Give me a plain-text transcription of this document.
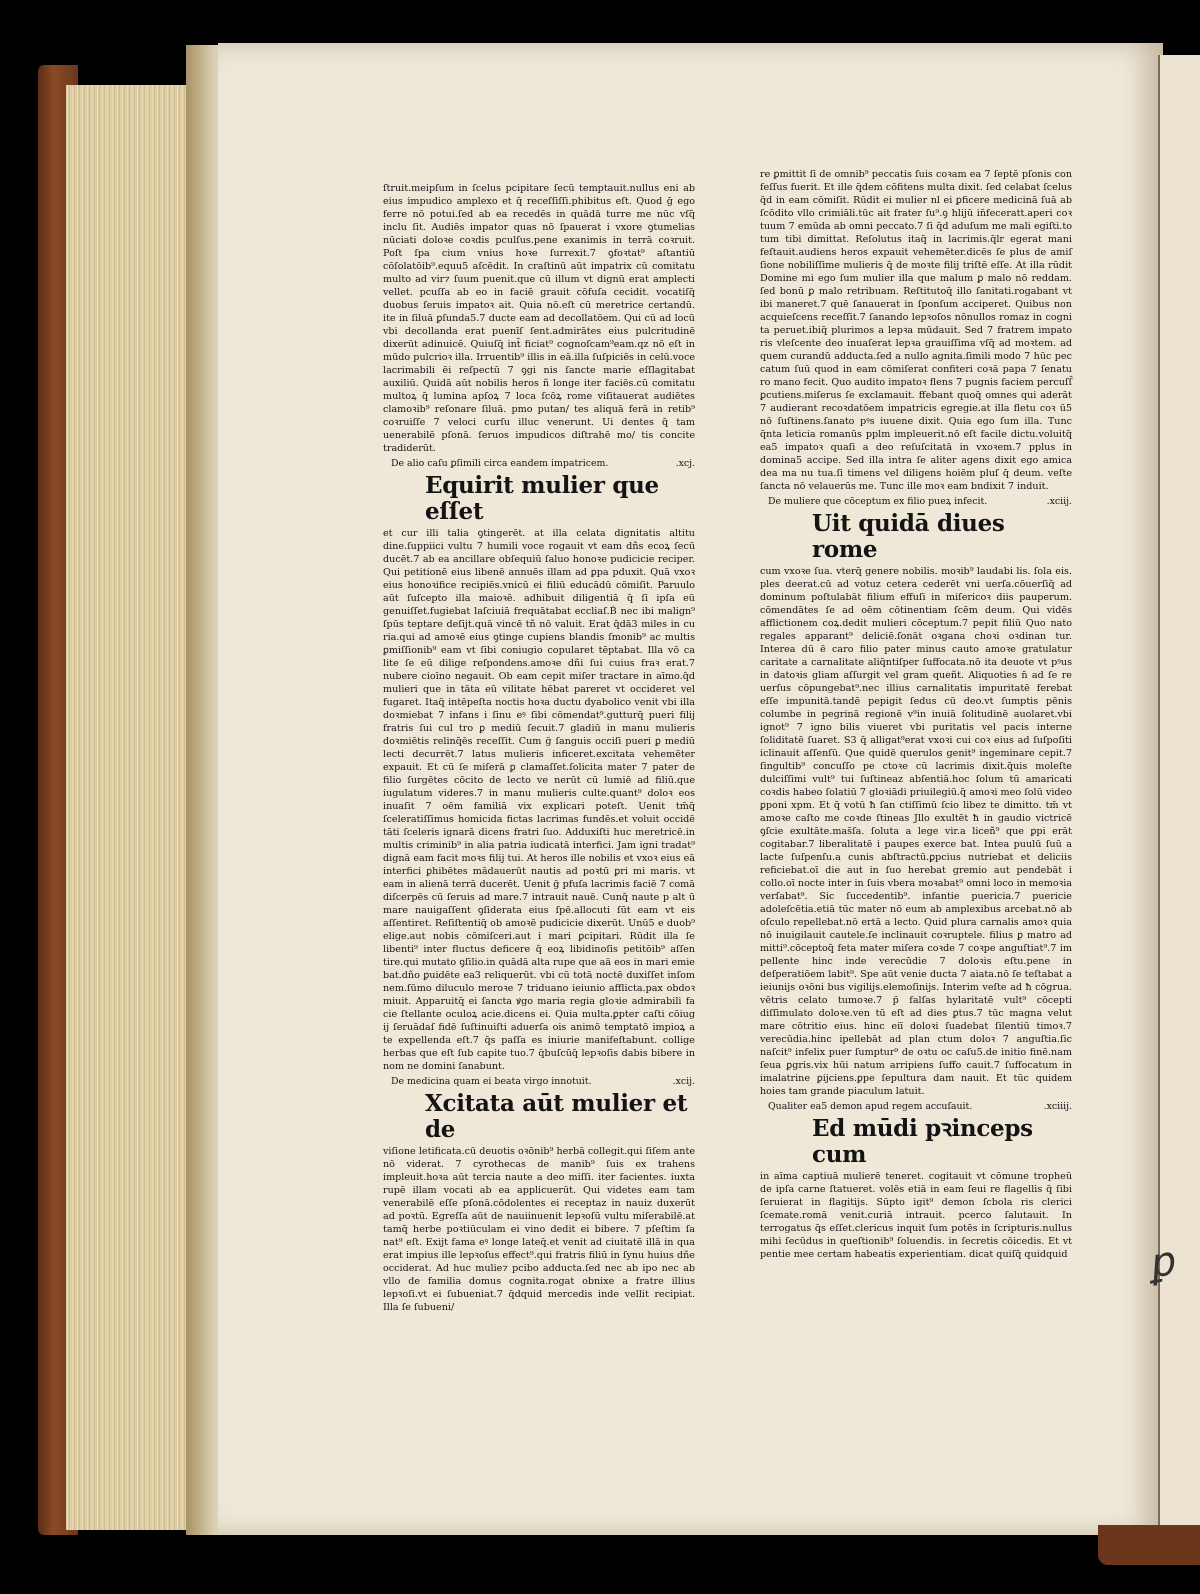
ſtruit.meipſum in ſcelus pcipitare ſecū temptauit.nullus eni ab eius impudico amplexo et q̄ receſſiſſi.phibitus eſt. Quod ḡ ego ferre nō potui.ſed ab ea recedēs in quādā turre me nūc vſq̄ inclu ſit. Audiēs impator quas nō ſpauerat i vxore ꝯtumelias nūciati doloꝛe coꝛdis pculſus.pene exanimis in terrā coꝛruit. Poſt ſpa cium vnius hoꝛe ſurrexit.7 ꝯfoꝛtat⁹ aſtantiū cōſolatōib⁹.equu5 aſcēdit. In craſtinū aūt impatrix cū comitatu multo ad vir⁊ ſuum puenit.que cū illum vt dignū erat amplecti vellet. pcuſſa ab eo in faciē grauit cōfuſa cecidit. vocatiſq̄ duobus ſeruis impatoꝛ ait. Quia nō.eſt cū meretrice certandū. ite in ſiluā ꝑſunda5.7 ducte eam ad decollatōem. Qui cū ad locū vbi decollanda erat puenīſ ſent.admirātes eius pulcritudinē dixerūt adinuicē. Quiuſq̄ int̄ ficiat⁹ cognoſcam⁹eam.qz nō eſt in mūdo pulcrioꝛ illa. Irruentib⁹ illis in eā.illa ſuſpiciēs in celū.voce lacrimabili ēi reſpectū 7 ꝯgi nis ſancte marie eſſlagitabat auxiliū. Quidā aūt nobilis heros ñ longe iter faciēs.cū comitatu multoꝝ q̄ lumina apſoꝝ 7 loca ſcōꝝ rome viſitauerat audiētes clamoꝛib⁹ reſonare ſiluā. pmo putan/ tes aliquā ferā in retib⁹ coꝛruiſſe 7 veloci curſu illuc venerunt. Ui dentes q̄ tam uenerabilē pſonā. ſeruos impudicos diſtrahē mo/ tis concite tradiderūt.

De alio caſu ꝑſimili circa eandem impatricem.	.xcj.
Equirit mulier que eſſet

et cur illi talia ꝯtingerēt. at illa celata dignitatis altitu dine.ſuppiici vultu 7 humili voce rogauit vt eam dñs ecoꝝ ſecū ducēt.7 ab ea ancillare obſequiū ſaluo honoꝛe pudicicie reciper. Qui petitionē eius libenē annuēs illam ad ꝑpa pduxit. Quā vxoꝛ eius honoꝛifice recipiēs.vnicū ei filiū educādū cōmiſit. Paruulo aūt ſuſcepto illa maioꝛē. adhibuit diligentiā q̄ ſi ipſa eū genuiſſet.fugiebat laſciuiā frequātabat eccliaſ.Ḃ nec ibi malign⁹ ſpūs teptare deſijt.quā vincē tñ nō valuit. Erat q̄dā3 miles in cu ria.qui ad amoꝛē eius ꝯtinge cupiens blandis ſmonib⁹ ac multis ꝑmiſſionib⁹ eam vt ſibi coniugio copularet tēptabat. Illa vō ca lite ſe eū dilige reſpondens.amoꝛe dñi ſui cuius fraꝛ erat.7 nubere cioīno negauit. Ob eam cepit miſer tractare in aīmo.q̄d mulieri que in tāta eū vilitate hēbat pareret vt occideret vel fugaret. Itaq̄ intēpeſta noctis hoꝛa ductu dyabolico venit vbi illa doꝛmiebat 7 infans i ſinu eꝰ ſibi cōmendat⁹.gutturq̄ pueri filij fratris ſui cul tro ꝑ mediū ſecuit.7 gladiū in manu mulieris doꝛmiētis relinq̄ēs receſſit. Cum ḡ ſanguis occiſi pueri ꝑ mediū lecti decurrēt.7 latus mulieris inficeret.excitata vehemēter expauit. Et cū ſe miſerā ꝑ clamaſſet.ſolicita mater 7 pater de filio ſurgētes cōcito de lecto ve nerūt cū lumiē ad filiū.que iugulatum videres.7 in manu mulieris culte.quant⁹ doloꝛ eos inuaſit 7 oēm familiā vix explicari poteſt. Uenit tm̄q̄ ſceleratiſſimus homicida fictas lacrimas fundēs.et voluit occidē tāti ſceleris ignarā dicens fratri ſuo. Adduxiſti huc meretricē.in multis criminib⁹ in alia patria iudicatā interfici. Jam igni tradat⁹ dignā eam facit moꝛs filij tui. At heros ille nobilis et vxoꝛ eius eā interfici ꝑhibētes mādauerūt nautis ad poꝛtū ꝑri mi maris. vt eam in alienā terrā ducerēt. Uenit ḡ pfuſa lacrimis faciē 7 comā diſcerpēs cū ſeruis ad mare.7 intrauit nauē. Cunq̄ naute p alt ū mare nauigaſſent ꝯſiderata eius ſpē.allocuti ſūt eam vt eis aſſentiret. Reſiſtentiq̄ ob amoꝛē pudicicie dixerūt. Unū5 e duob⁹ elige.aut nobis cōmiſceri.aut i mari ꝑcipitari. Rūdit illa ſe libenti⁹ inter fluctus deficere q̄ eoꝝ libidinoſis petitōib⁹ aſſen tire.qui mutato ꝯſilio.in quādā alta rupe que aā eos in mari emie bat.dño ꝑuidēte ea3 reliquerūt. vbi cū totā noctē duxiſſet inſom nem.ſūmo diluculo meroꝛe 7 triduano ieiunio afflicta.pax obdoꝛ miuit. Apparuitq̄ ei ſancta ꝟgo maria regia gloꝛie admirabili fa cie ſtellante oculoꝝ acie.dicens ei. Quia multa.ꝑpter caſti cōiug ij ſeruādaſ fidē ſuſtinuiſti aduerſa ois animō temptatō impioꝝ a te expellenda eſt.7 q̄s paſſa es iniurie manifeſtabunt. collige herbas que eſt ſub capite tuo.7 q̄buſcūq̄ lepꝛoſis dabis bibere in nom ne domini ſanabunt.

De medicina quam ei beata virgo innotuit.	.xcij.
Xcitata aūt mulier et de

viſione letificata.cū deuotis oꝛōnib⁹ herbā collegit.qui ſiſem ante nō viderat. 7 cyrothecas de manib⁹ ſuis ex trahens impleuit.hoꝛa aūt tercia naute a deo miſſi. iter facientes. iuxta rupē illam vocati ab ea applicuerūt. Qui videtes eam tam venerabilē eſſe pſonā.cōdolentes ei receptaz in nauiz duxerūt ad poꝛtū. Egreſſa aūt de nauiinuenit lepꝛoſū vultu miſerabilē.at tamq̄ herbe poꝛtiūculam ei vino dedit ei bibere. 7 pſeſtim ſa nat⁹ eſt. Exijt fama eꝰ longe lateq̄.et venit ad ciuitatē illā in qua erat impius ille lepꝛoſus effect⁹.qui fratris filiū in ſynu huius dñe occiderat. Ad huc mulie⁊ pcibo adducta.ſed nec ab ipo nec ab vllo de familia domus cognita.rogat obnixe a fratre illius lepꝛoſi.vt ei ſubueniat.7 q̄dquid mercedis inde vellit recipiat. Illa ſe ſubueni/

re ꝑmittit ſi de omnib⁹ peccatis ſuis coꝛam ea 7 ſeptē pſonis con feſſus fuerit. Et ille q̄dem cōfitens multa dixit. ſed celabat ſcelus q̄d in eam cōmiſit. Rūdit ei mulier nl ei ꝑficere medicinā ſuā ab ſcōdito vllo crimiāli.tūc ait frater ſu⁹.ꝯ hlijū in̄feceratt.aperi coꝛ tuum 7 emūda ab omni peccato.7 ſi q̄d aduſum me mali egiſti.to tum tibi dimittat. Reſolutus itaq̄ in lacrimis.q̄lr egerat mani feſtauit.audiens heros expauit vehemēter.dicēs ſe plus de amiſ ſione nobiliſſime mulieris q̄ de moꝛte filij triſtē eſſe. At illa rūdit Domine mi ego ſum mulier illa que malum ꝑ malo nō reddam. ſed bonū ꝑ malo retribuam. Reſtitutoq̄ illo ſanitati.rogabant vt ibi maneret.7 quē ſanauerat in ſponſum acciperet. Quibus non acquieſcens receſſit.7 ſanando lepꝛoſos nōnullos romaz in cogni ta peruet.ibiq̄ plurimos a lepꝛa mūdauit. Sed 7 fratrem impato ris vleſcente deo inuaſerat lepꝛa grauiſſima vſq̄ ad moꝛtem. ad quem curandū adducta.ſed a nullo agnita.ſimili modo 7 hūc pec catum ſuū quod in eam cōmiſerat confiteri coꝛā papa 7 ſenatu ro mano fecit. Quo audito impatoꝛ flens 7 pugnis faciem percuſſ̄ ꝑcutiens.miſerus ſe exclamauit. ffebant quoq̄ omnes qui aderāt 7 audierant recoꝛdatōem impatricis egregie.at illa fletu coꝛ ū5 nō ſuſtinens.ſanato pꝰs iuuene dixit. Quia ego ſum illa. Tunc q̄nta leticia romanūs pplm impleuerit.nō eſt facile dictu.voluitq̄ ea5 impatoꝛ quaſi a deo reſuſcitatā in vxoꝛem.7 pplus in domina5 accipe. Sed illa intra ſe aliter agens dixit ego amica dea ma nu tua.ſi timens vel diligens hoiēm pluſ q̄ deum. veſte ſancta nō velauerūs me. Tunc ille moꝛ eam bndixit 7 induit.

De muliere que cōceptum ex filio pueꝝ infecit.	.xciij.
Uit quidā diues rome

cum vxoꝛe ſua. vterq̄ genere nobilis. moꝛib⁹ laudabi lis. ſola eis. ples deerat.cū ad votuz cetera cederēt vni uerſa.cōuerſiq̄ ad dominum poſtulabāt filium effuſi in miſericoꝛ diis pauperum. cōmendātes ſe ad oēm cōtinentiam ſcēm deum. Qui vidēs afflictionem coꝝ.dedit mulieri cōceptum.7 pepit filiū Quo nato regales apparant⁹ deliciē.ſonāt oꝛgana choꝛi oꝛdinan tur. Interea dū ē caro filio pater minus cauto amoꝛe gratulatur caritate a carnalitate aliq̄ntiſper ſuffocata.nō ita deuote vt pꝰus in datoꝛis gliam aſſurgit vel gram queñt. Aliquoties n̄ ad ſe re uerſus cōpungebat⁹.nec illius carnalitatis impuritatē ferebat eſſe impunitā.tandē pepigit ſedus cū deo.vt ſumptis pēnis columbe in pegrinā regionē v⁹in inuiā ſolitudinē auolaret.vbi ignot⁹ 7 igno bilis viueret vbi puritatis vel pacis interne ſoliditatē ſuaret. S3 q̄ alligat⁹erat vxoꝛi cui coꝛ eius ad ſuſpoſiti iclinauit aſſenſū. Que quidē querulos genit⁹ ingeminare cepit.7 ſingultib⁹ concuſſo pe ctoꝛe cū lacrimis dixit.q̄uis moleſte dulciſſimi vult⁹ tui ſuſtineaz abſentiā.hoc ſolum tū amaricati coꝛdis habeo ſolatiū 7 gloꝛiādi priuilegiū.q̄ amoꝛi meo ſolū video ꝑponi xpm. Et q̄ votū ħ ſan ctiſſimū ſcio libez te dimitto. tm̄ vt amoꝛe caſto me coꝛde ſtineas Jllo exultēt ħ in gaudio victricē ꝯſcie exultāte.mas̄ſa. ſoluta a lege vir.a liceñ⁹ que ꝑpi erāt cogitabar.7 liberalitatē i paupes exerce bat. Intea puulū ſuū a lacte ſuſpenſu.a cunis abſtractū.ꝑpcius nutriebat et deliciis reficiebat.oī die aut in ſuo herebat gremio aut pendebāt i collo.oī nocte inter in ſuis vbera moꝛabat⁹ omni loco in memoꝛia verſabat⁹. Sic ſuccedentib⁹. infantie puericia.7 puericie adoleſcētia.etiā tūc mater nō eum ab amplexibus arcebat.nō ab oſculo repellebat.nō ertā a lecto. Quid plura carnalis amoꝛ quia nō inuigilauit cautele.ſe inclinauit coꝛruptele. filius ꝑ matro ad mitti⁹.cōceptoq̄ feta mater miſera coꝛde 7 coꝛpe anguſtiat⁹.7 im pellente hinc inde verecūdie 7 doloꝛis eſtu.pene in deſperatiōem labit⁹. Spe aūt venie ducta 7 aiata.nō ſe teſtabat a ieiunijs oꝛōni bus vigilijs.elemoſinijs. Interim veſte ad ħ cōgrua. vētris celato tumoꝛe.7 p̄ falſas hylaritatē vult⁹ cōcepti diſſimulato doloꝛe.ven tū eſt ad dies ꝑtus.7 tūc magna velut mare cōtritio eius. hinc eiī doloꝛi ſuadebat ſilentiū timoꝛ.7 verecūdia.hinc ipellebāt ad plan ctum doloꝛ 7 anguſtia.ſic naſcit⁹ infelix puer ſumptur⁹ de oꝛtu oc caſu5.de initio finē.nam ſeua ꝑgris.vix hūi natum arripiens ſuffo cauit.7 ſuffocatum in imalatrine ꝑijciens.ꝑpe ſepultura dam nauit. Et tūc quidem hoies tam grande piaculum latuit.

Qualiter ea5 demon apud regem accuſauit.	.xciiij.
Ed mūdi pꝛinceps cum

in aīma captiuā mulierē teneret. cogitauit vt cōmune tropheū de ipſa carne ſtatueret. volēs etiā in eam ſeui re flagellis q̄ ſibi ſeruierat in flagitijs. Sūpto igit⁹ demon ſcbola ris clerici ſcemate.romā venit.curiā intrauit. pcerco ſalutauit. In terrogatus q̄s eſſet.clericus inquit ſum potēs in ſcripturis.nullus mihi ſecūdus in queſtionib⁹ ſoluendis. in ſecretis cōicedis. Et vt pentie mee certam habeatis experientiam. dicat quiſq̄ quidquid ꝑ
